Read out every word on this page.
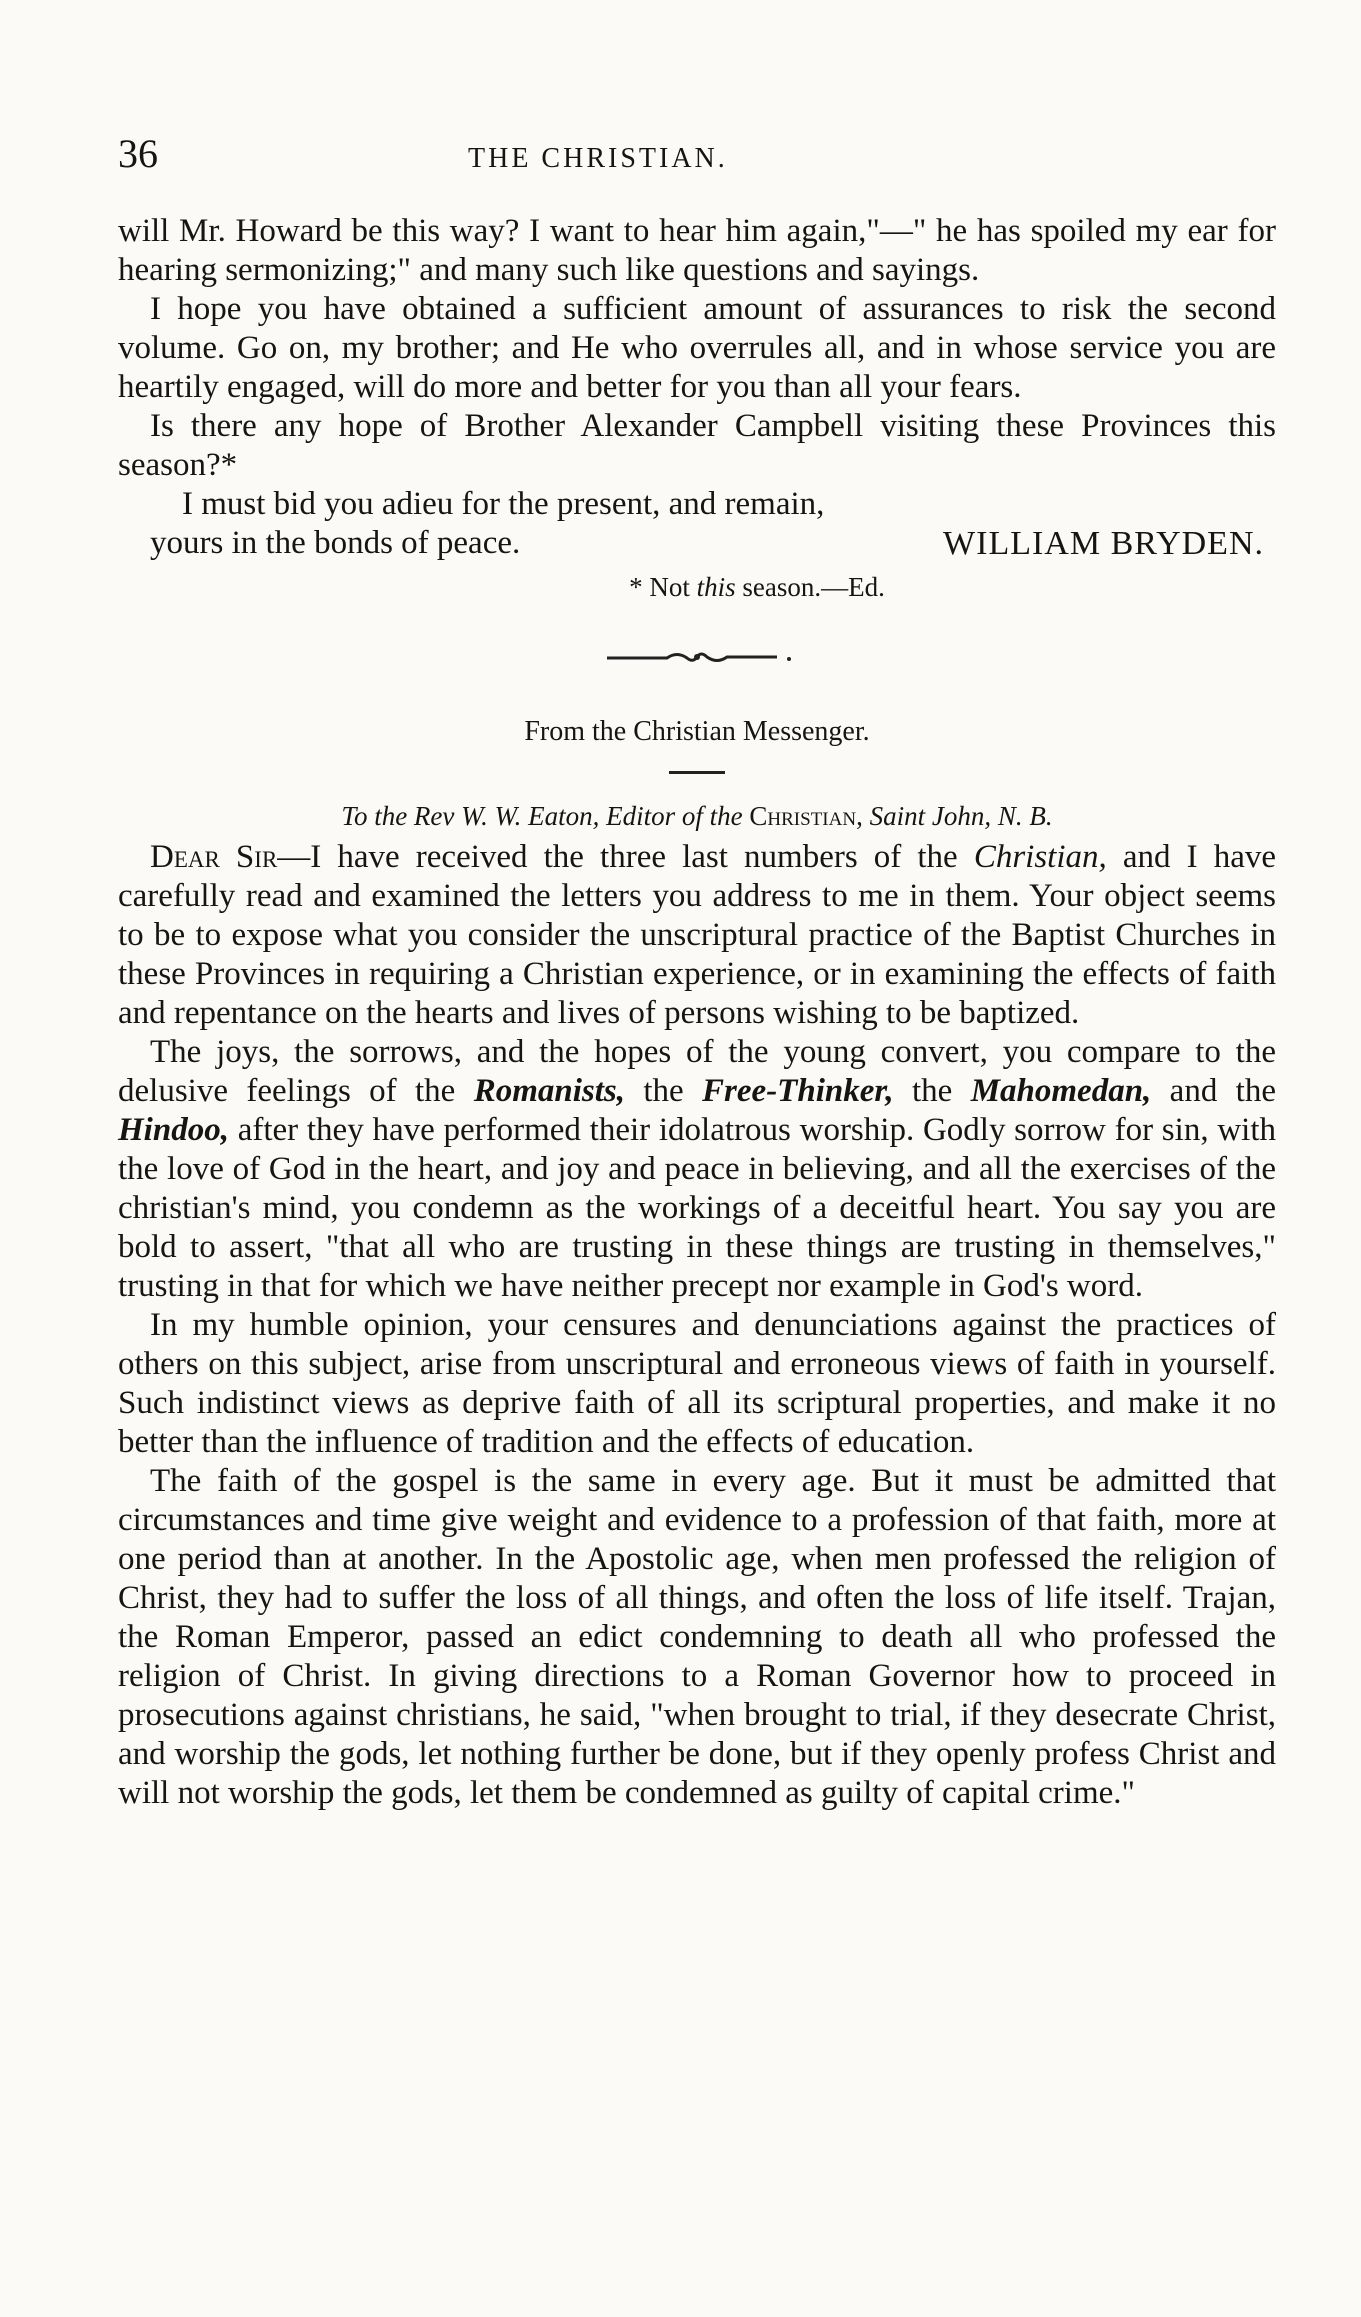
36	THE CHRISTIAN.

will Mr. Howard be this way? I want to hear him again,"—" he has spoiled my ear for hearing sermonizing;" and many such like questions and sayings.

I hope you have obtained a sufficient amount of assurances to risk the second volume. Go on, my brother; and He who overrules all, and in whose service you are heartily engaged, will do more and better for you than all your fears.

Is there any hope of Brother Alexander Campbell visiting these Provinces this season?*

I must bid you adieu for the present, and remain, yours in the bonds of peace.	WILLIAM BRYDEN.
* Not this season.—Ed.
From the Christian Messenger.
To the Rev W. W. Eaton, Editor of the Christian, Saint John, N. B.

Dear Sir—I have received the three last numbers of the Christian, and I have carefully read and examined the letters you address to me in them. Your object seems to be to expose what you consider the unscriptural practice of the Baptist Churches in these Provinces in requiring a Christian experience, or in examining the effects of faith and repentance on the hearts and lives of persons wishing to be baptized.

The joys, the sorrows, and the hopes of the young convert, you compare to the delusive feelings of the Romanists, the Free-Thinker, the Mahomedan, and the Hindoo, after they have performed their idolatrous worship. Godly sorrow for sin, with the love of God in the heart, and joy and peace in believing, and all the exercises of the christian's mind, you condemn as the workings of a deceitful heart. You say you are bold to assert, "that all who are trusting in these things are trusting in themselves," trusting in that for which we have neither precept nor example in God's word.

In my humble opinion, your censures and denunciations against the practices of others on this subject, arise from unscriptural and erroneous views of faith in yourself. Such indistinct views as deprive faith of all its scriptural properties, and make it no better than the influence of tradition and the effects of education.

The faith of the gospel is the same in every age. But it must be admitted that circumstances and time give weight and evidence to a profession of that faith, more at one period than at another. In the Apostolic age, when men professed the religion of Christ, they had to suffer the loss of all things, and often the loss of life itself. Trajan, the Roman Emperor, passed an edict condemning to death all who professed the religion of Christ. In giving directions to a Roman Governor how to proceed in prosecutions against christians, he said, "when brought to trial, if they desecrate Christ, and worship the gods, let nothing further be done, but if they openly profess Christ and will not worship the gods, let them be condemned as guilty of capital crime."
